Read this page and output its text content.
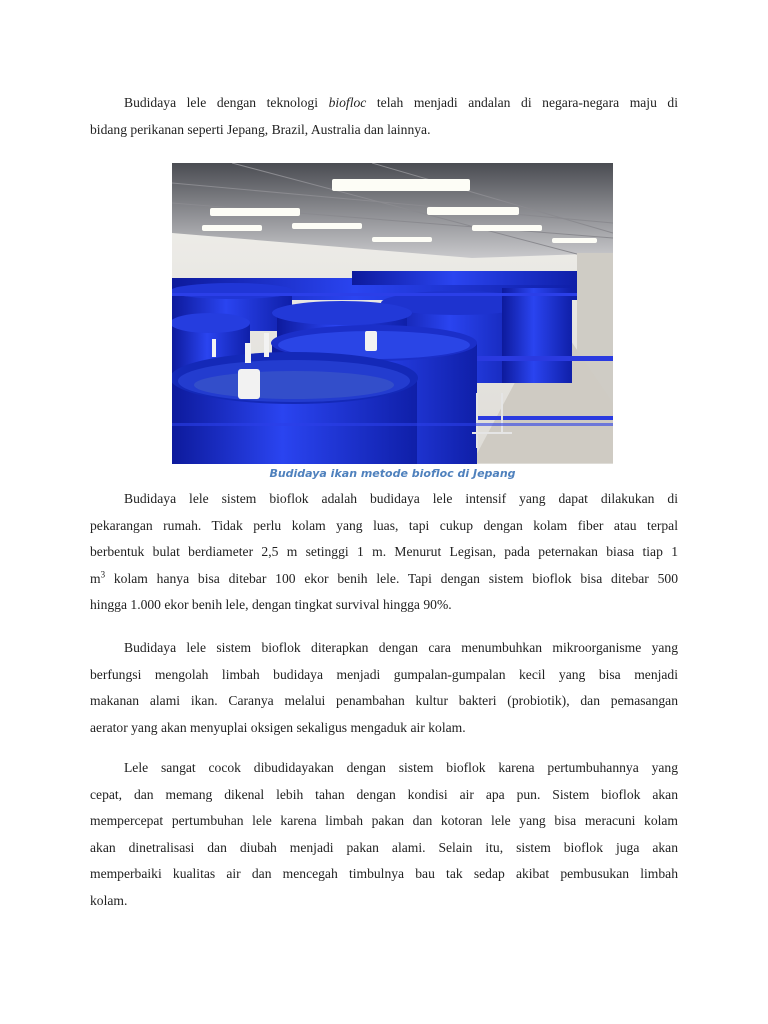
Budidaya lele dengan teknologi biofloc telah menjadi andalan di negara-negara maju di
bidang perikanan seperti Jepang, Brazil, Australia dan lainnya.

Budidaya ikan metode biofloc di Jepang

Budidaya lele sistem bioflok adalah budidaya lele intensif yang dapat dilakukan di
pekarangan rumah. Tidak perlu kolam yang luas, tapi cukup dengan kolam fiber atau terpal
berbentuk bulat berdiameter 2,5 m setinggi 1 m. Menurut Legisan, pada peternakan biasa tiap 1
$m^3$ kolam hanya bisa ditebar 100 ekor benih lele. Tapi dengan sistem bioflok bisa ditebar 500
hingga 1.000 ekor benih lele, dengan tingkat survival hingga 90%.

Budidaya lele sistem bioflok diterapkan dengan cara menumbuhkan mikroorganisme yang
berfungsi mengolah limbah budidaya menjadi gumpalan-gumpalan kecil yang bisa menjadi
makanan alami ikan. Caranya melalui penambahan kultur bakteri (probiotik), dan pemasangan
aerator yang akan menyuplai oksigen sekaligus mengaduk air kolam.

Lele sangat cocok dibudidayakan dengan sistem bioflok karena pertumbuhannya yang
cepat, dan memang dikenal lebih tahan dengan kondisi air apa pun. Sistem bioflok akan
mempercepat pertumbuhan lele karena limbah pakan dan kotoran lele yang bisa meracuni kolam
akan dinetralisasi dan diubah menjadi pakan alami. Selain itu, sistem bioflok juga akan
memperbaiki kualitas air dan mencegah timbulnya bau tak sedap akibat pembusukan limbah
kolam.
